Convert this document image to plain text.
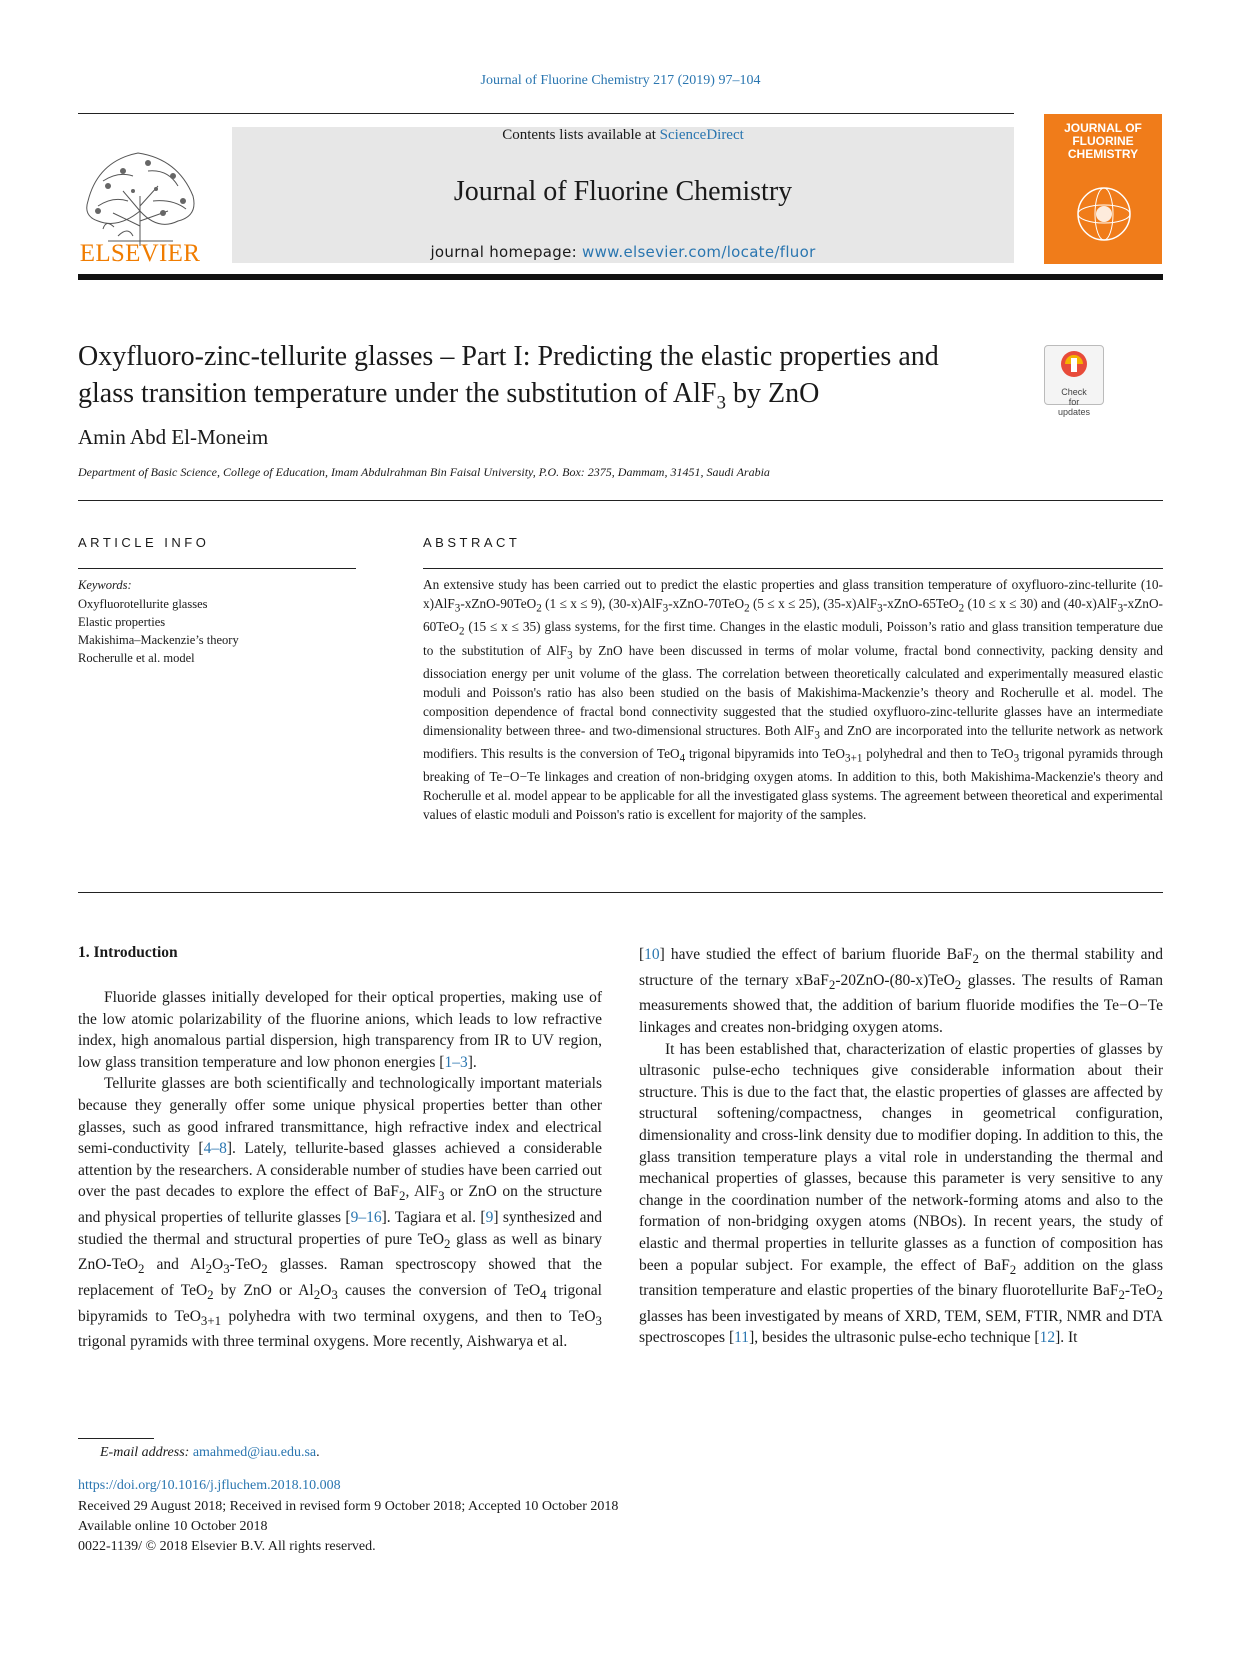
Journal of Fluorine Chemistry 217 (2019) 97–104
ELSEVIER
Contents lists available at ScienceDirect
Journal of Fluorine Chemistry
journal homepage: www.elsevier.com/locate/fluor
JOURNAL OF FLUORINE CHEMISTRY
Oxyfluoro-zinc-tellurite glasses – Part I: Predicting the elastic properties and
glass transition temperature under the substitution of AlF$_3$ by ZnO	Check for updates
Amin Abd El-Moneim
Department of Basic Science, College of Education, Imam Abdulrahman Bin Faisal University, P.O. Box: 2375, Dammam, 31451, Saudi Arabia
ARTICLE INFO	ABSTRACT
Keywords:
Oxyfluorotellurite glasses
Elastic properties
Makishima–Mackenzie’s theory
Rocherulle et al. model
An extensive study has been carried out to predict the elastic properties and glass transition temperature of oxyfluoro-zinc-tellurite (10-x)AlF$_3$-xZnO-90TeO$_2$ (1 ≤ x ≤ 9), (30-x)AlF$_3$-xZnO-70TeO$_2$ (5 ≤ x ≤ 25), (35-x)AlF$_3$-xZnO-65TeO$_2$ (10 ≤ x ≤ 30) and (40-x)AlF$_3$-xZnO-60TeO$_2$ (15 ≤ x ≤ 35) glass systems, for the first time. Changes in the elastic moduli, Poisson’s ratio and glass transition temperature due to the substitution of AlF$_3$ by ZnO have been discussed in terms of molar volume, fractal bond connectivity, packing density and dissociation energy per unit volume of the glass. The correlation between theoretically calculated and experimentally measured elastic moduli and Poisson's ratio has also been studied on the basis of Makishima-Mackenzie’s theory and Rocherulle et al. model. The composition dependence of fractal bond connectivity suggested that the studied oxyfluoro-zinc-tellurite glasses have an intermediate dimensionality between three- and two-dimensional structures. Both AlF$_3$ and ZnO are incorporated into the tellurite network as network modifiers. This results is the conversion of TeO$_4$ trigonal bipyramids into TeO$_{3+1}$ polyhedral and then to TeO$_3$ trigonal pyramids through breaking of Te−O−Te linkages and creation of non-bridging oxygen atoms. In addition to this, both Makishima-Mackenzie's theory and Rocherulle et al. model appear to be applicable for all the investigated glass systems. The agreement between theoretical and experimental values of elastic moduli and Poisson's ratio is excellent for majority of the samples.
1. Introduction

Fluoride glasses initially developed for their optical properties, making use of the low atomic polarizability of the fluorine anions, which leads to low refractive index, high anomalous partial dispersion, high transparency from IR to UV region, low glass transition temperature and low phonon energies [1–3].

Tellurite glasses are both scientifically and technologically important materials because they generally offer some unique physical properties better than other glasses, such as good infrared transmittance, high refractive index and electrical semi-conductivity [4–8]. Lately, tellurite-based glasses achieved a considerable attention by the researchers. A considerable number of studies have been carried out over the past decades to explore the effect of BaF$_2$, AlF$_3$ or ZnO on the structure and physical properties of tellurite glasses [9–16]. Tagiara et al. [9] synthesized and studied the thermal and structural properties of pure TeO$_2$ glass as well as binary ZnO-TeO$_2$ and $Al_2O_3-TeO_2$ glasses. Raman spectroscopy showed that the replacement of TeO$_2$ by ZnO or $Al_2O_3$ causes the conversion of TeO$_4$ trigonal bipyramids to TeO$_{3+1}$ polyhedra with two terminal oxygens, and then to TeO$_3$ trigonal pyramids with three terminal oxygens. More recently, Aishwarya et al.

[10] have studied the effect of barium fluoride BaF$_2$ on the thermal stability and structure of the ternary xBaF$_2$-20ZnO-(80-x)TeO$_2$ glasses. The results of Raman measurements showed that, the addition of barium fluoride modifies the Te−O−Te linkages and creates non-bridging oxygen atoms.

It has been established that, characterization of elastic properties of glasses by ultrasonic pulse-echo techniques give considerable information about their structure. This is due to the fact that, the elastic properties of glasses are affected by structural softening/compactness, changes in geometrical configuration, dimensionality and cross-link density due to modifier doping. In addition to this, the glass transition temperature plays a vital role in understanding the thermal and mechanical properties of glasses, because this parameter is very sensitive to any change in the coordination number of the network-forming atoms and also to the formation of non-bridging oxygen atoms (NBOs). In recent years, the study of elastic and thermal properties in tellurite glasses as a function of composition has been a popular subject. For example, the effect of BaF$_2$ addition on the glass transition temperature and elastic properties of the binary fluorotellurite BaF$_2$-TeO$_2$ glasses has been investigated by means of XRD, TEM, SEM, FTIR, NMR and DTA spectroscopes [11], besides the ultrasonic pulse-echo technique [12]. It

E-mail address: amahmed@iau.edu.sa.
https://doi.org/10.1016/j.jfluchem.2018.10.008
Received 29 August 2018; Received in revised form 9 October 2018; Accepted 10 October 2018
Available online 10 October 2018
0022-1139/ © 2018 Elsevier B.V. All rights reserved.
